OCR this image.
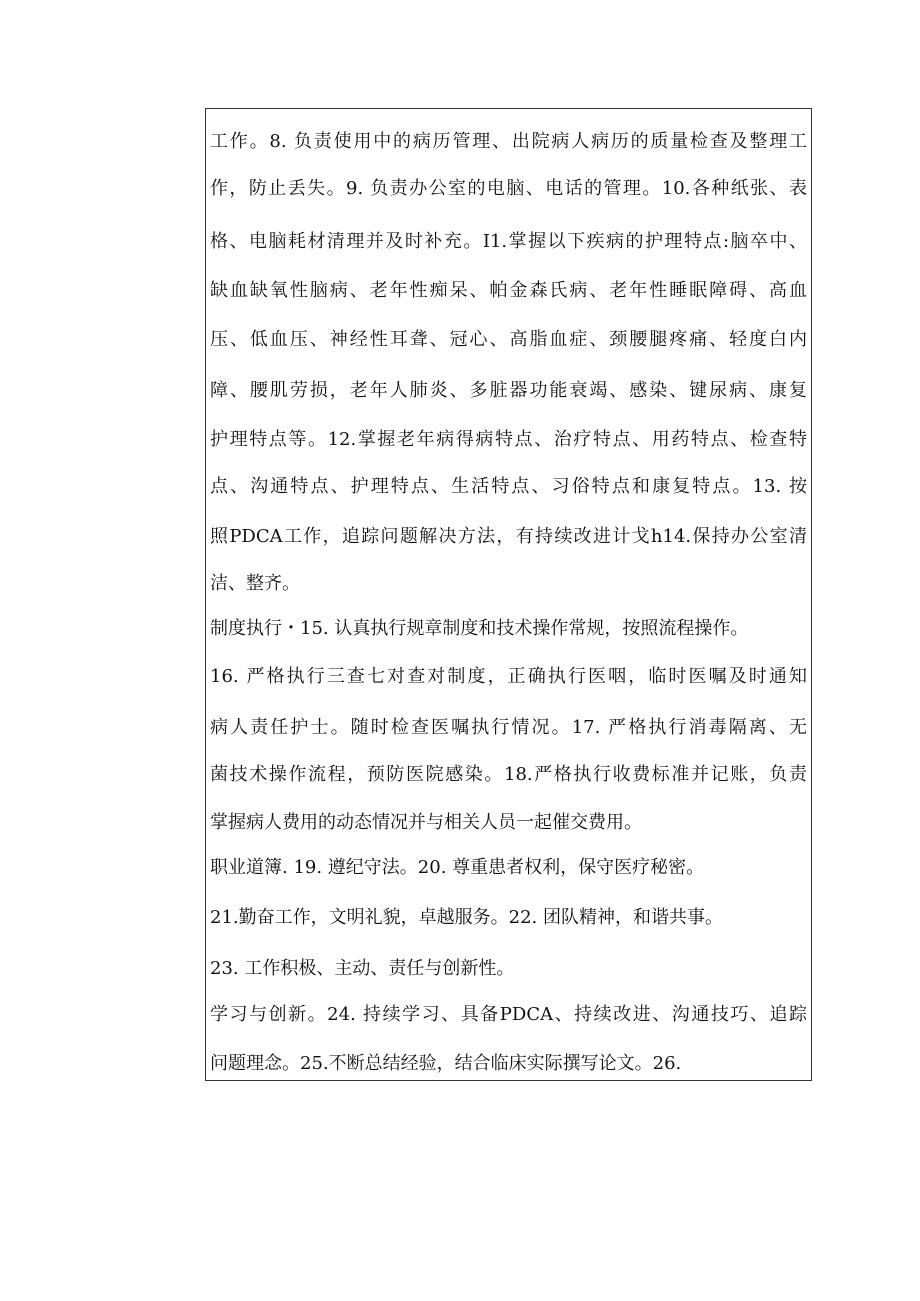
工作。8. 负责使用中的病历管理、出院病人病历的质量检查及整理工
作，防止丢失。9. 负责办公室的电脑、电话的管理。10.各种纸张、表
格、电脑耗材清理并及时补充。I1.掌握以下疾病的护理特点:脑卒中、
缺血缺氧性脑病、老年性痴呆、帕金森氏病、老年性睡眠障碍、高血
压、低血压、神经性耳聋、冠心、高脂血症、颈腰腿疼痛、轻度白内
障、腰肌劳损，老年人肺炎、多脏器功能衰竭、感染、键尿病、康复
护理特点等。12.掌握老年病得病特点、治疗特点、用药特点、检查特
点、沟通特点、护理特点、生活特点、习俗特点和康复特点。13. 按
照PDCA工作，追踪问题解决方法，有持续改进计戈h14.保持办公室清
洁、整齐。
制度执行・15. 认真执行规章制度和技术操作常规，按照流程操作。
16. 严格执行三查七对查对制度，正确执行医咽，临时医嘱及时通知
病人责任护士。随时检查医嘱执行情况。17. 严格执行消毒隔离、无
菌技术操作流程，预防医院感染。18.严格执行收费标准并记账，负责
掌握病人费用的动态情况并与相关人员一起催交费用。
职业道簿. 19. 遵纪守法。20. 尊重患者权利，保守医疗秘密。
21.勤奋工作，文明礼貌，卓越服务。22. 团队精神，和谐共事。
23. 工作积极、主动、责任与创新性。
学习与创新。24. 持续学习、具备PDCA、持续改进、沟通技巧、追踪
问题理念。25.不断总结经验，结合临床实际撰写论文。26.
